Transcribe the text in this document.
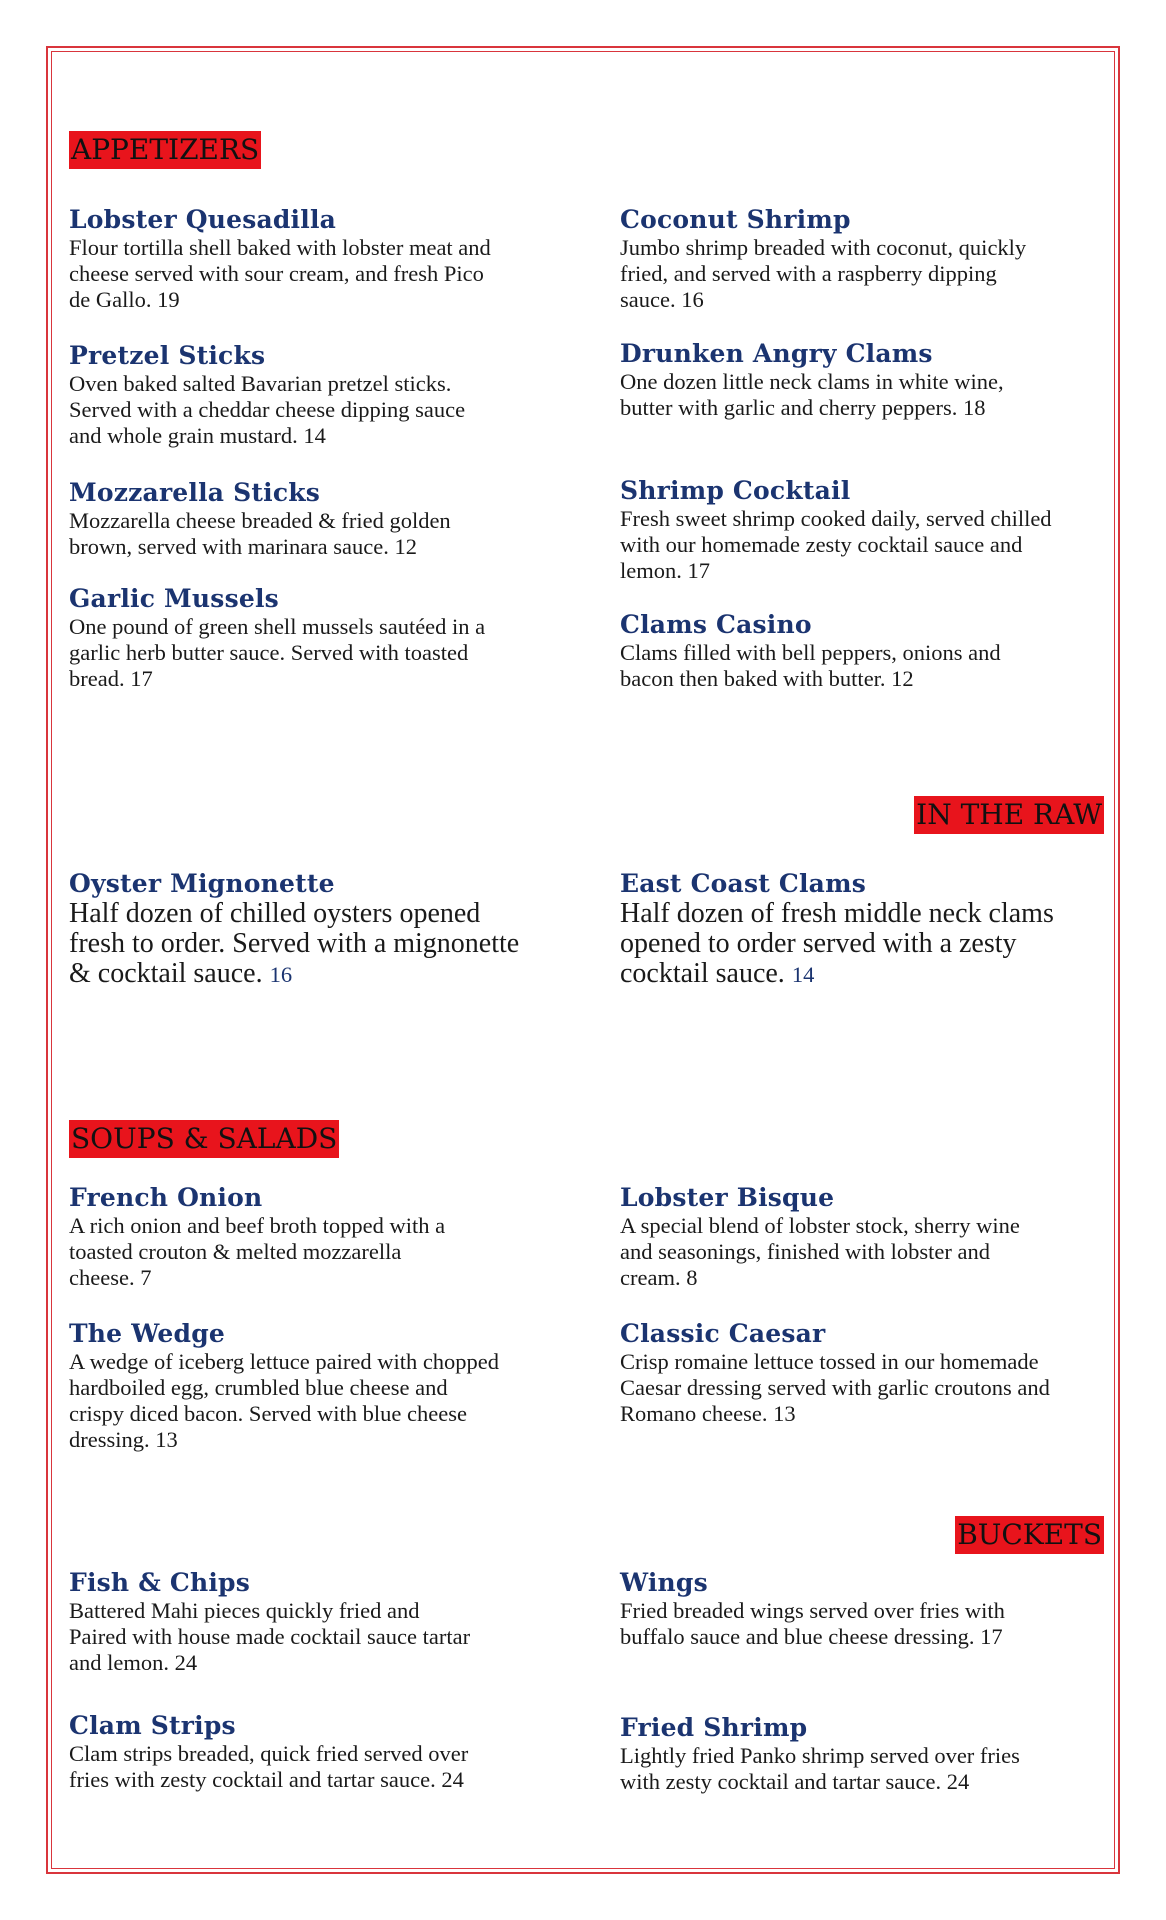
APPETIZERS
IN THE RAW
SOUPS & SALADS
BUCKETS
Lobster Quesadilla
Flour tortilla shell baked with lobster meat and
cheese served with sour cream, and fresh Pico
de Gallo. 19
Coconut Shrimp
Jumbo shrimp breaded with coconut, quickly
fried, and served with a raspberry dipping
sauce. 16
Pretzel Sticks
Oven baked salted Bavarian pretzel sticks.
Served with a cheddar cheese dipping sauce
and whole grain mustard. 14
Drunken Angry Clams
One dozen little neck clams in white wine,
butter with garlic and cherry peppers. 18
Mozzarella Sticks
Mozzarella cheese breaded & fried golden
brown, served with marinara sauce. 12
Shrimp Cocktail
Fresh sweet shrimp cooked daily, served chilled
with our homemade zesty cocktail sauce and
lemon. 17
Garlic Mussels
One pound of green shell mussels sautéed in a
garlic herb butter sauce. Served with toasted
bread. 17
Clams Casino
Clams filled with bell peppers, onions and
bacon then baked with butter. 12
Oyster Mignonette
Half dozen of chilled oysters opened
fresh to order. Served with a mignonette
& cocktail sauce. 16
East Coast Clams
Half dozen of fresh middle neck clams
opened to order served with a zesty
cocktail sauce. 14
French Onion
A rich onion and beef broth topped with a
toasted crouton & melted mozzarella
cheese. 7
Lobster Bisque
A special blend of lobster stock, sherry wine
and seasonings, finished with lobster and
cream. 8
The Wedge
A wedge of iceberg lettuce paired with chopped
hardboiled egg, crumbled blue cheese and
crispy diced bacon. Served with blue cheese
dressing. 13
Classic Caesar
Crisp romaine lettuce tossed in our homemade
Caesar dressing served with garlic croutons and
Romano cheese. 13
Fish & Chips
Battered Mahi pieces quickly fried and
Paired with house made cocktail sauce tartar
and lemon. 24
Wings
Fried breaded wings served over fries with
buffalo sauce and blue cheese dressing. 17
Clam Strips
Clam strips breaded, quick fried served over
fries with zesty cocktail and tartar sauce. 24
Fried Shrimp
Lightly fried Panko shrimp served over fries
with zesty cocktail and tartar sauce. 24
